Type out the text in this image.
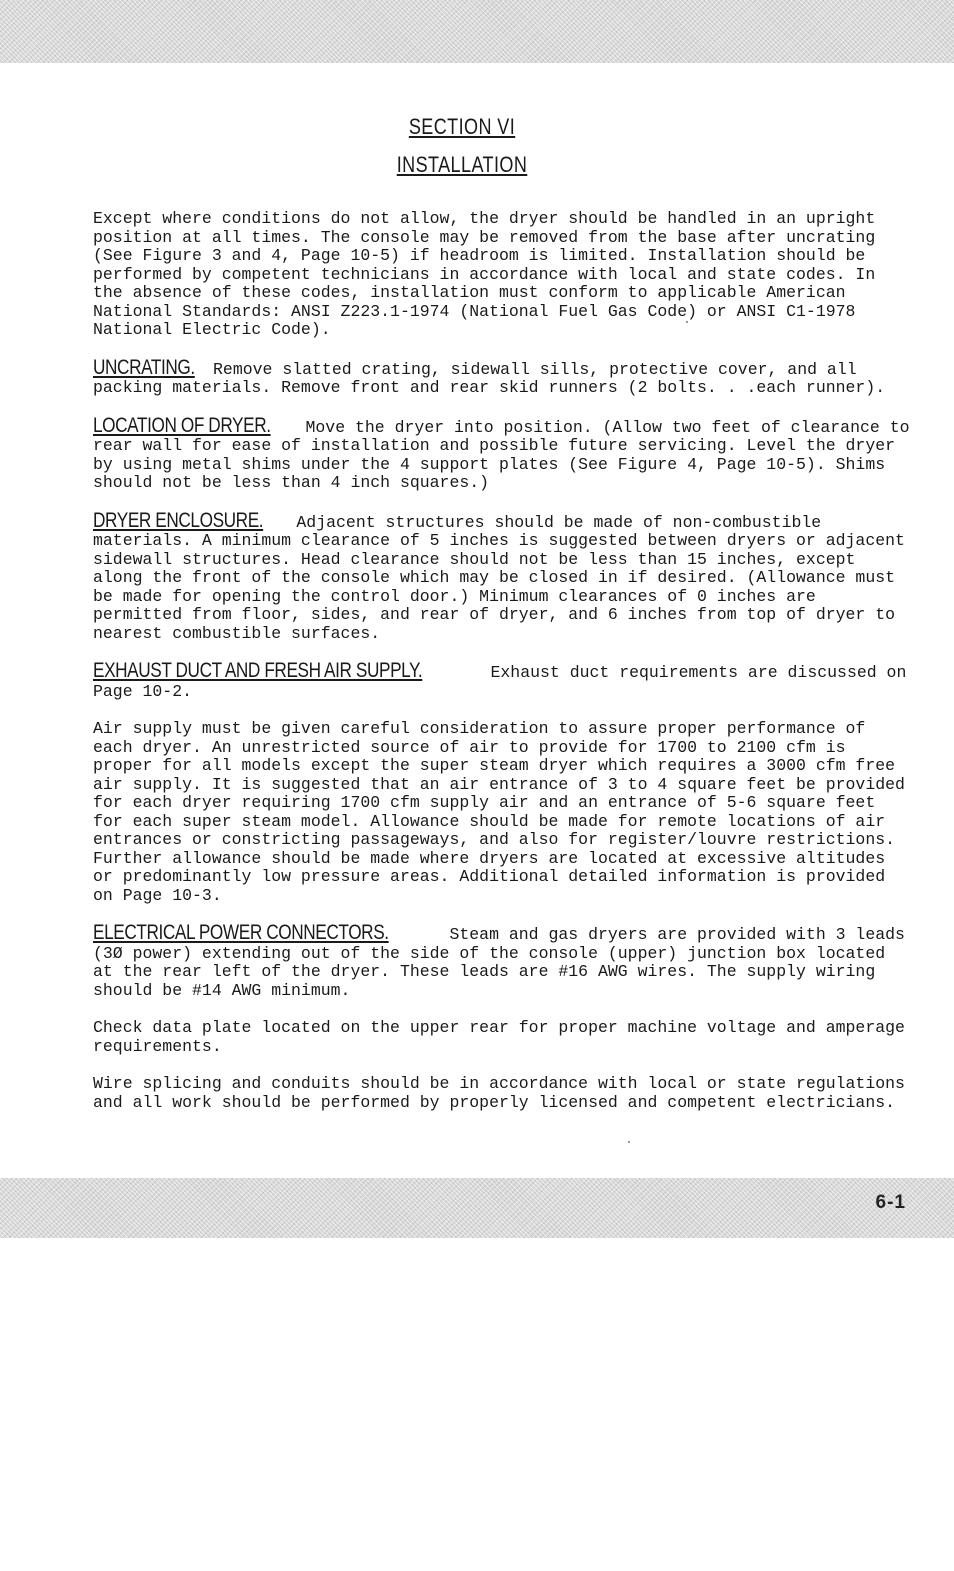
SECTION VI
INSTALLATION

Except where conditions do not allow, the dryer should be handled in an upright position at all times. The console may be removed from the base after uncrating (See Figure 3 and 4, Page 10-5) if headroom is limited. Installation should be performed by competent technicians in accordance with local and state codes. In the absence of these codes, installation must conform to applicable American National Standards: ANSI Z223.1-1974 (National Fuel Gas Code) or ANSI C1-1978 National Electric Code).

UNCRATING. Remove slatted crating, sidewall sills, protective cover, and all packing materials. Remove front and rear skid runners (2 bolts. . .each runner).

LOCATION OF DRYER. Move the dryer into position. (Allow two feet of clearance to rear wall for ease of installation and possible future servicing. Level the dryer by using metal shims under the 4 support plates (See Figure 4, Page 10-5). Shims should not be less than 4 inch squares.)

DRYER ENCLOSURE. Adjacent structures should be made of non-combustible materials. A minimum clearance of 5 inches is suggested between dryers or adjacent sidewall structures. Head clearance should not be less than 15 inches, except along the front of the console which may be closed in if desired. (Allowance must be made for opening the control door.) Minimum clearances of 0 inches are permitted from floor, sides, and rear of dryer, and 6 inches from top of dryer to nearest combustible surfaces.

EXHAUST DUCT AND FRESH AIR SUPPLY.	Exhaust duct requirements are discussed on Page 10-2.

Air supply must be given careful consideration to assure proper performance of each dryer. An unrestricted source of air to provide for 1700 to 2100 cfm is proper for all models except the super steam dryer which requires a 3000 cfm free air supply. It is suggested that an air entrance of 3 to 4 square feet be provided for each dryer requiring 1700 cfm supply air and an entrance of 5-6 square feet for each super steam model. Allowance should be made for remote locations of air entrances or constricting passageways, and also for register/louvre restrictions. Further allowance should be made where dryers are located at excessive altitudes or predominantly low pressure areas. Additional detailed information is provided on Page 10-3.

ELECTRICAL POWER CONNECTORS.	Steam and gas dryers are provided with 3 leads (3Ø power) extending out of the side of the console (upper) junction box located at the rear left of the dryer. These leads are #16 AWG wires. The supply wiring should be #14 AWG minimum.

Check data plate located on the upper rear for proper machine voltage and amperage requirements.

Wire splicing and conduits should be in accordance with local or state regulations and all work should be performed by properly licensed and competent electricians.

6-1
